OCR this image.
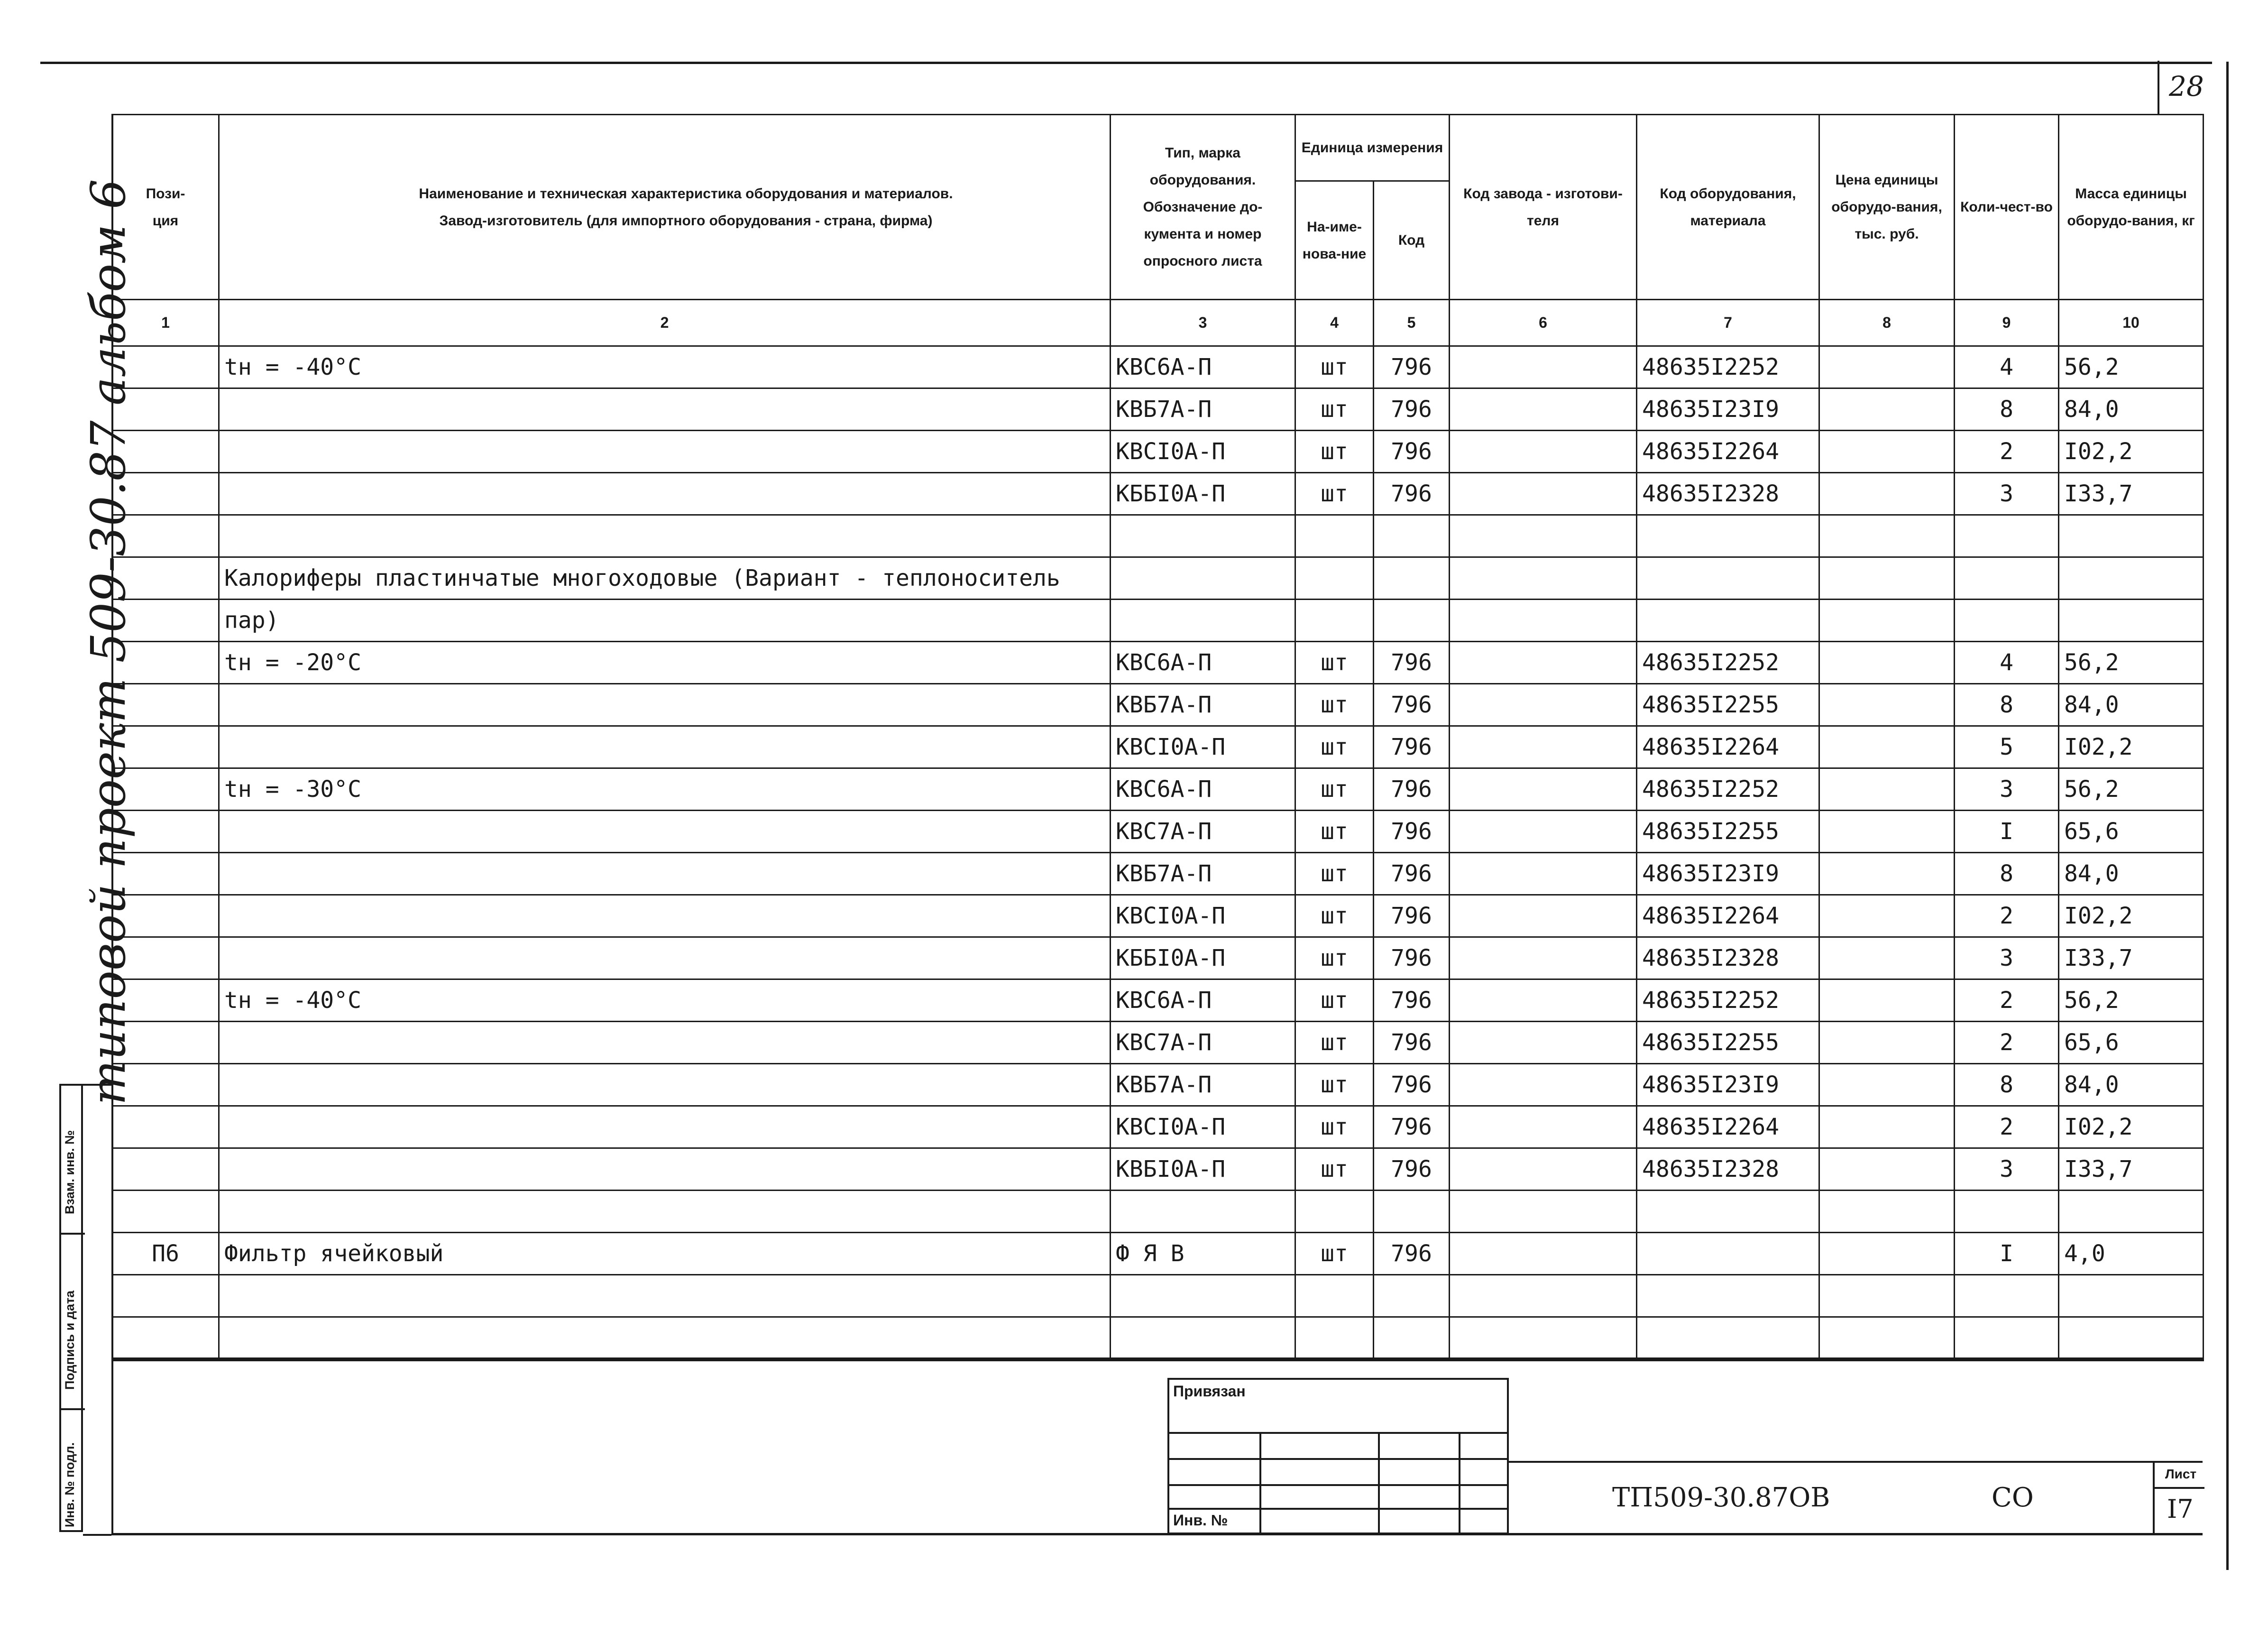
28
типовой проект 509-30.87 альбом 6
Инв. № подл.
Подпись и дата
Взам. инв. №
Пози-
ция	Наименование и техническая характеристика оборудования и материалов.
Завод-изготовитель (для импортного оборудования - страна, фирма)	Тип, марка оборудования. Обозначение до-кумента и номер опросного листа	Единица измерения		Код завода - изготови-теля	Код оборудования, материала	Цена единицы оборудо-вания, тыс. руб.	Коли-чест-во	Масса единицы оборудо-вания, кг
			На-име-нова-ние	Код					
1	2	3	4	5	6	7	8	9	10
	tн = -40°C	КВС6А-П	шт	796		48635I2252		4	56,2
		КВБ7А-П	шт	796		48635I23I9		8	84,0
		КВСI0А-П	шт	796		48635I2264		2	I02,2
		КББI0А-П	шт	796		48635I2328		3	I33,7

	Калориферы пластинчатые многоходовые (Вариант - теплоноситель								
	пар)								
	tн = -20°C	КВС6А-П	шт	796		48635I2252		4	56,2
		КВБ7А-П	шт	796		48635I2255		8	84,0
		КВСI0А-П	шт	796		48635I2264		5	I02,2
	tн = -30°C	КВС6А-П	шт	796		48635I2252		3	56,2
		КВС7А-П	шт	796		48635I2255		I	65,6
		КВБ7А-П	шт	796		48635I23I9		8	84,0
		КВСI0А-П	шт	796		48635I2264		2	I02,2
		КББI0А-П	шт	796		48635I2328		3	I33,7
	tн = -40°C	КВС6А-П	шт	796		48635I2252		2	56,2
		КВС7А-П	шт	796		48635I2255		2	65,6
		КВБ7А-П	шт	796		48635I23I9		8	84,0
		КВСI0А-П	шт	796		48635I2264		2	I02,2
		КВБI0А-П	шт	796		48635I2328		3	I33,7

П6	Фильтр ячейковый	Ф Я В	шт	796				I	4,0

Привязан
Инв. №
ТП509-30.87ОВ	СО
Лист
I7
